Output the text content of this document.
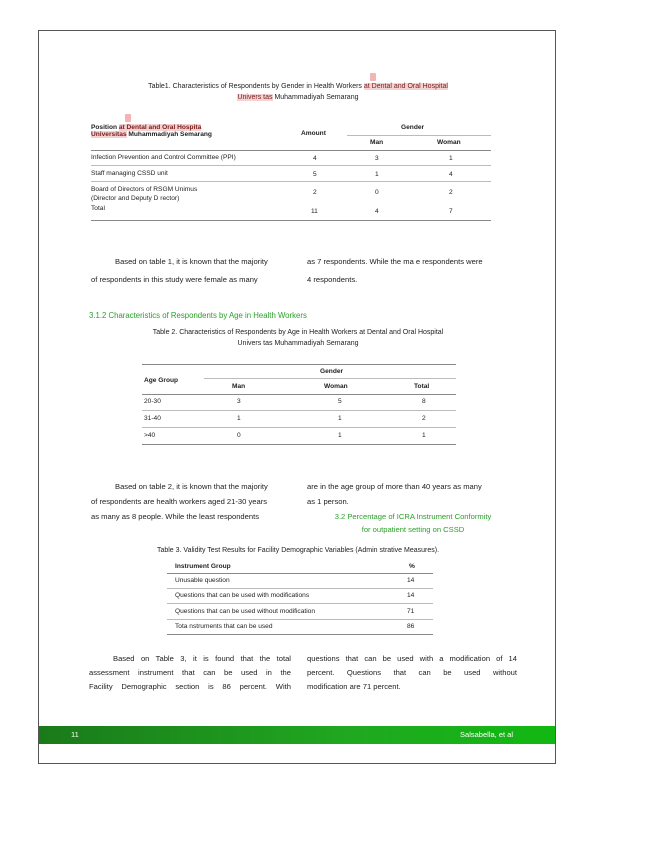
Table1. Characteristics of Respondents by Gender in Health Workers at Dental and Oral Hospital
Univers tas Muhammadiyah Semarang
Position at Dental and Oral Hospita
Universitas Muhammadiyah Semarang	Amount
Gender
Man	Woman
Infection Prevention and Control Committee (PPI)	4	3	1
Staff managing CSSD unit	5	1	4
Board of Directors of RSGM Unimus
(Director and Deputy D rector)
2	0	2
Total	11	4	7
Based on table 1, it is known that the majority
of respondents in this study were female as many
as 7 respondents. While the ma e respondents were
4 respondents.
3.1.2 Characteristics of Respondents by Age in Health Workers
Table 2. Characteristics of Respondents by Age in Health Workers at Dental and Oral Hospital
Univers tas Muhammadiyah Semarang
Age Group
Gender
Man	Woman	Total
20-30	3	5	8
31-40	1	1	2
>40	0	1	1
Based on table 2, it is known that the majority
of respondents are health workers aged 21-30 years
as many as 8 people. While the least respondents
are in the age group of more than 40 years as many
as 1 person.
3.2 Percentage of ICRA Instrument Conformity
for outpatient setting on CSSD
Table 3. Validity Test Results for Facility Demographic Variables (Admin strative Measures).
Instrument Group	%
Unusable question	14
Questions that can be used with modifications	14
Questions that can be used without modification	71
Tota nstruments that can be used	86
Based on Table 3, it is found that the total
assessment instrument that can be used in the
Facility Demographic section is 86 percent. With
questions that can be used with a modification of 14
percent. Questions that can be used without
modification are 71 percent.
11	Salsabella, et al
